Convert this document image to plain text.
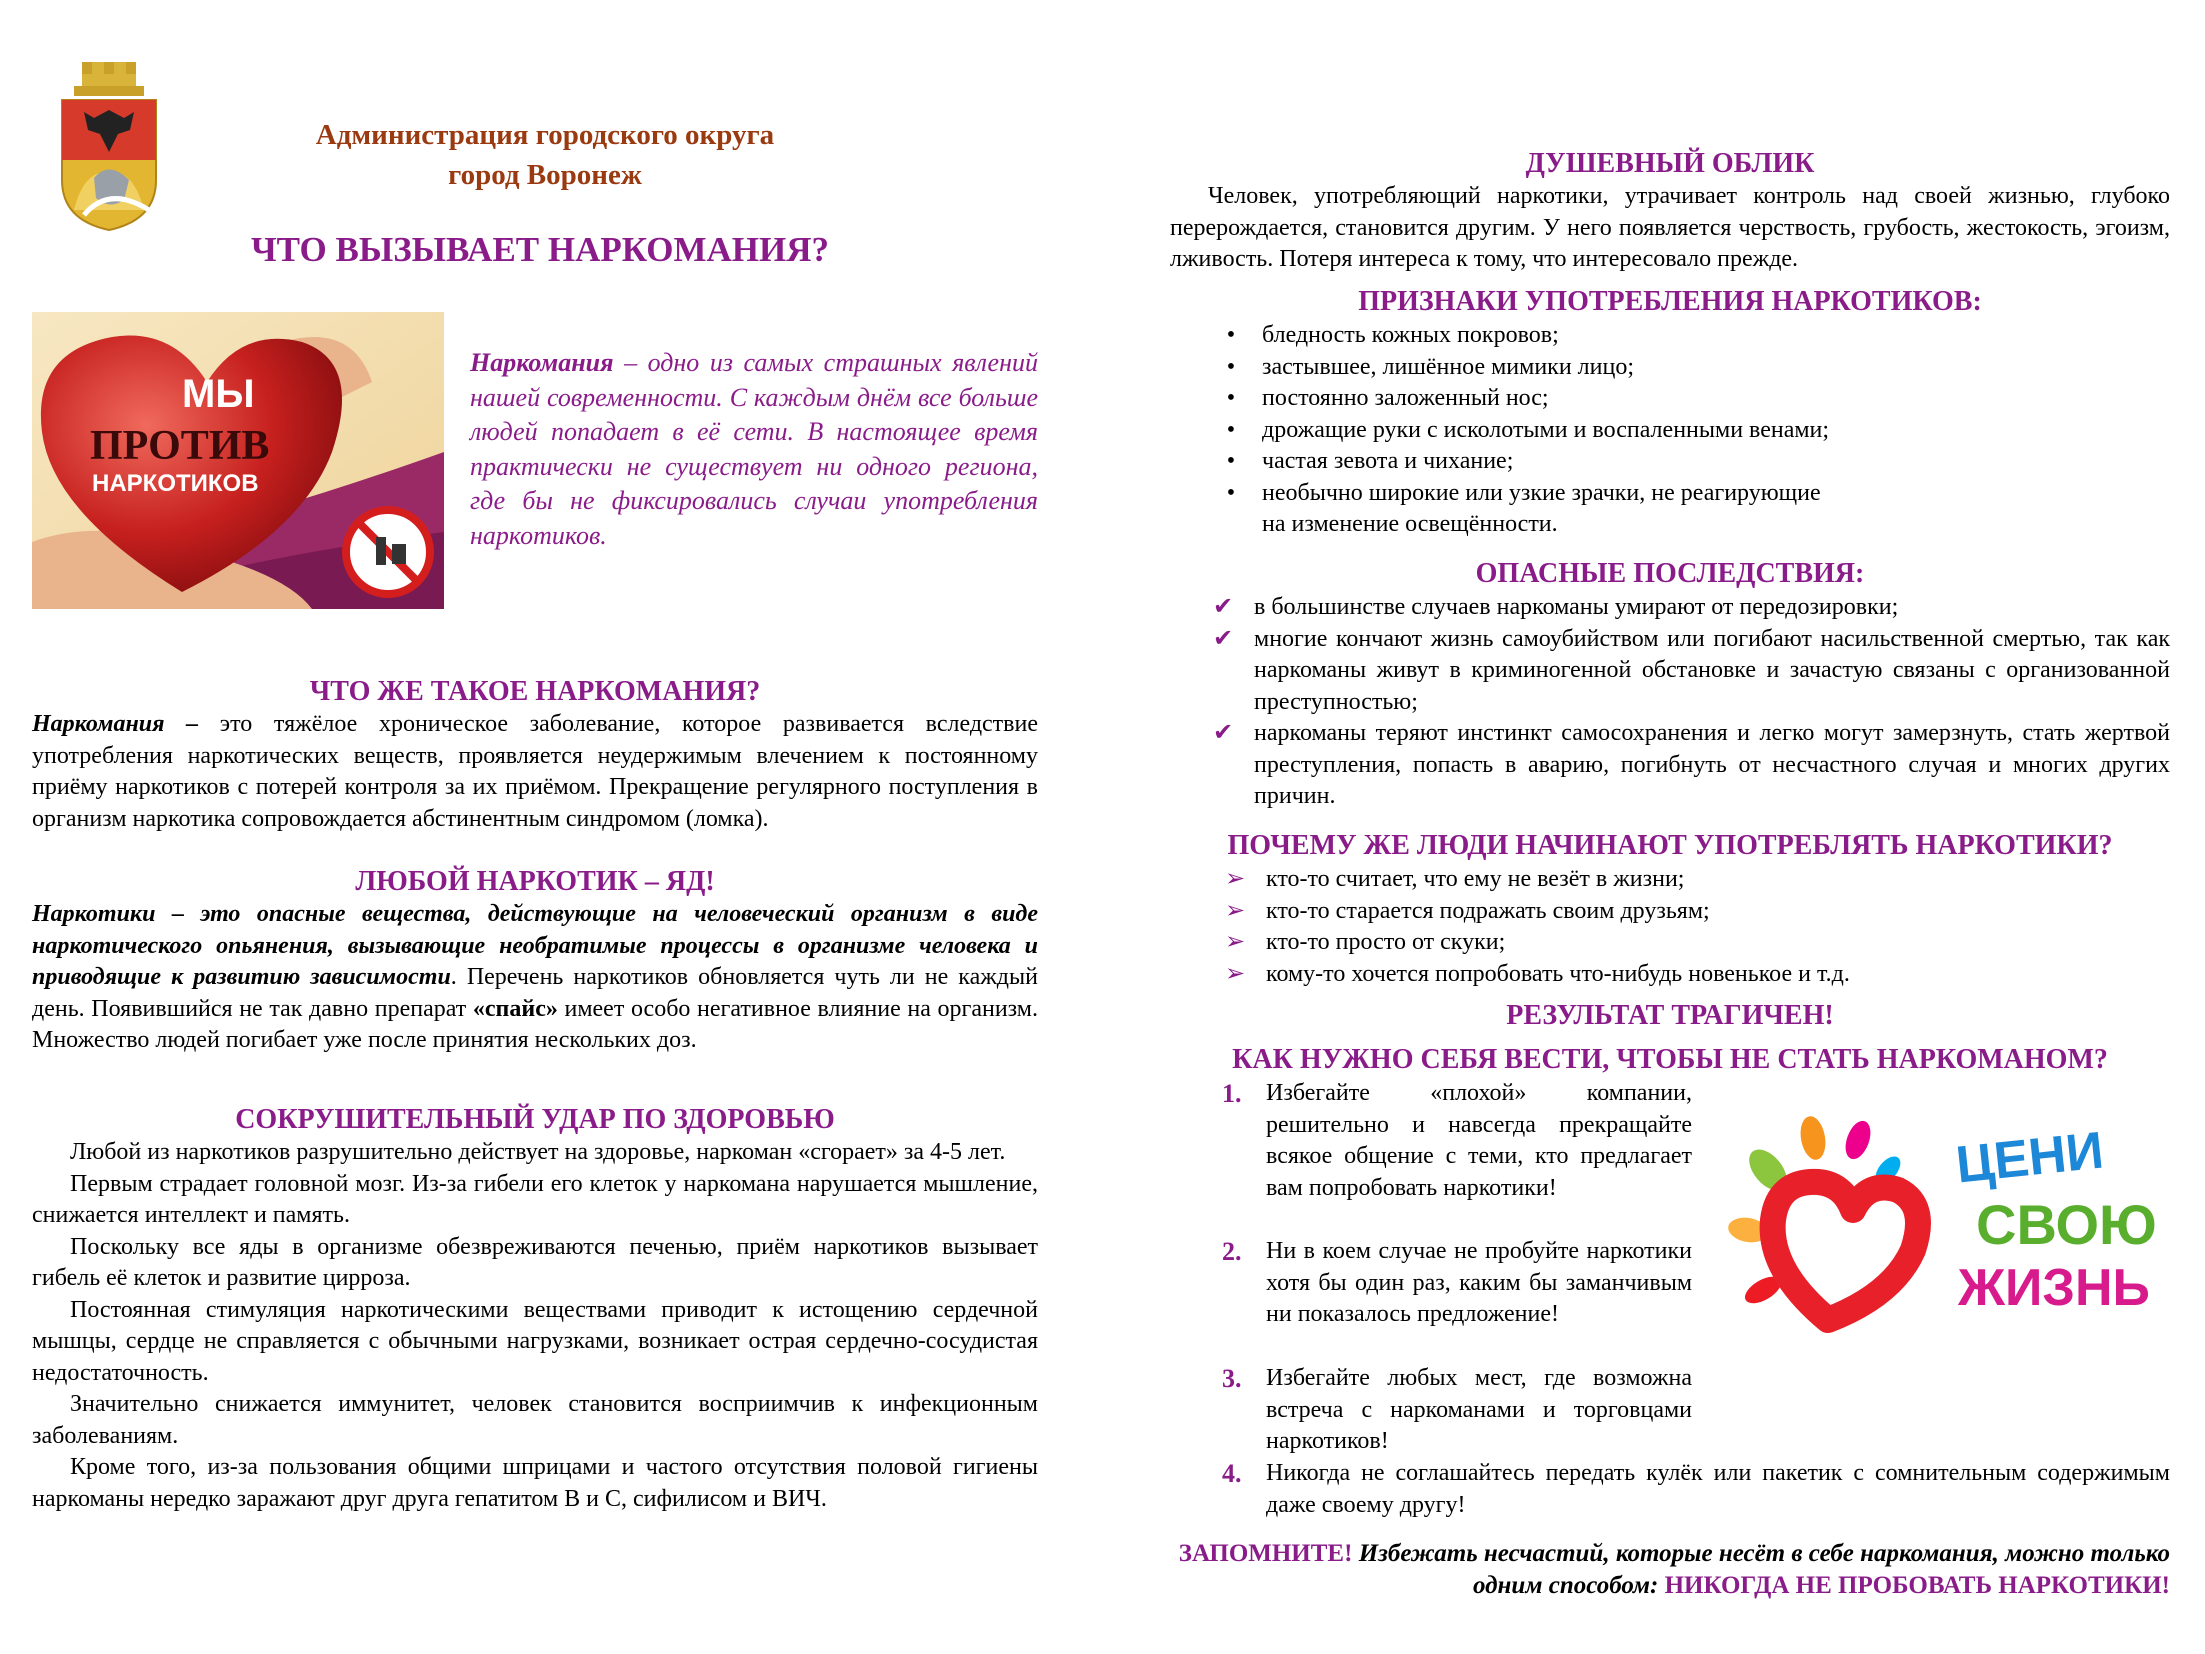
Администрация городского округа
город Воронеж
ЧТО ВЫЗЫВАЕТ НАРКОМАНИЯ?
МЫ
ПРОТИВ
НАРКОТИКОВ
Наркомания – одно из самых страшных явлений нашей современности. С каждым днём все больше людей попадает в её сети. В настоящее время практически не существует ни одного региона, где бы не фиксировались случаи употребления наркотиков.
ЧТО ЖЕ ТАКОЕ НАРКОМАНИЯ?
Наркомания – это тяжёлое хроническое заболевание, которое развивается вследствие употребления наркотических веществ, проявляется неудержимым влечением к постоянному приёму наркотиков с потерей контроля за их приёмом. Прекращение регулярного поступления в организм наркотика сопровождается абстинентным синдромом (ломка).
ЛЮБОЙ НАРКОТИК – ЯД!
Наркотики – это опасные вещества, действующие на человеческий организм в виде наркотического опьянения, вызывающие необратимые процессы в организме человека и приводящие к развитию зависимости. Перечень наркотиков обновляется чуть ли не каждый день. Появившийся не так давно препарат «спайс» имеет особо негативное влияние на организм. Множество людей погибает уже после принятия нескольких доз.
СОКРУШИТЕЛЬНЫЙ УДАР ПО ЗДОРОВЬЮ

Любой из наркотиков разрушительно действует на здоровье, наркоман «сгорает» за 4-5 лет.

Первым страдает головной мозг. Из-за гибели его клеток у наркомана нарушается мышление, снижается интеллект и память.

Поскольку все яды в организме обезвреживаются печенью, приём наркотиков вызывает гибель её клеток и развитие цирроза.

Постоянная стимуляция наркотическими веществами приводит к истощению сердечной мышцы, сердце не справляется с обычными нагрузками, возникает острая сердечно-сосудистая недостаточность.

Значительно снижается иммунитет, человек становится восприимчив к инфекционным заболеваниям.

Кроме того, из-за пользования общими шприцами и частого отсутствия половой гигиены наркоманы нередко заражают друг друга гепатитом В и С, сифилисом и ВИЧ.

ДУШЕВНЫЙ ОБЛИК
Человек, употребляющий наркотики, утрачивает контроль над своей жизнью, глубоко перерождается, становится другим. У него появляется черствость, грубость, жестокость, эгоизм, лживость. Потеря интереса к тому, что интересовало прежде.
ПРИЗНАКИ УПОТРЕБЛЕНИЯ НАРКОТИКОВ:
•	бледность кожных покровов;
•	застывшее, лишённое мимики лицо;
•	постоянно заложенный нос;
•	дрожащие руки с исколотыми и воспаленными венами;
•	частая зевота и чихание;
•	необычно широкие или узкие зрачки, не реагирующие
на изменение освещённости.
ОПАСНЫЕ ПОСЛЕДСТВИЯ:
✔ в большинстве случаев наркоманы умирают от передозировки;
✔ многие кончают жизнь самоубийством или погибают насильственной смертью, так как наркоманы живут в криминогенной обстановке и зачастую связаны с организованной преступностью;
✔ наркоманы теряют инстинкт самосохранения и легко могут замерзнуть, стать жертвой преступления, попасть в аварию, погибнуть от несчастного случая и многих других причин.
ПОЧЕМУ ЖЕ ЛЮДИ НАЧИНАЮТ УПОТРЕБЛЯТЬ НАРКОТИКИ?
➢ кто-то считает, что ему не везёт в жизни;
➢ кто-то старается подражать своим друзьям;
➢ кто-то просто от скуки;
➢ кому-то хочется попробовать что-нибудь новенькое и т.д.
РЕЗУЛЬТАТ ТРАГИЧЕН!
КАК НУЖНО СЕБЯ ВЕСТИ, ЧТОБЫ НЕ СТАТЬ НАРКОМАНОМ?
1. Избегайте «плохой» компании, решительно и навсегда прекращайте всякое общение с теми, кто предлагает вам попробовать наркотики!

2. Ни в коем случае не пробуйте наркотики хотя бы один раз, каким бы заманчивым ни показалось предложение!

3. Избегайте любых мест, где возможна встреча с наркоманами и торговцами наркотиков!

4. Никогда не соглашайтесь передать кулёк или пакетик с сомнительным содержимым даже своему другу!

ЦЕНИ
СВОЮ
ЖИЗНЬ
ЗАПОМНИТЕ! Избежать несчастий, которые несёт в себе наркомания, можно только одним способом: НИКОГДА НЕ ПРОБОВАТЬ НАРКОТИКИ!
